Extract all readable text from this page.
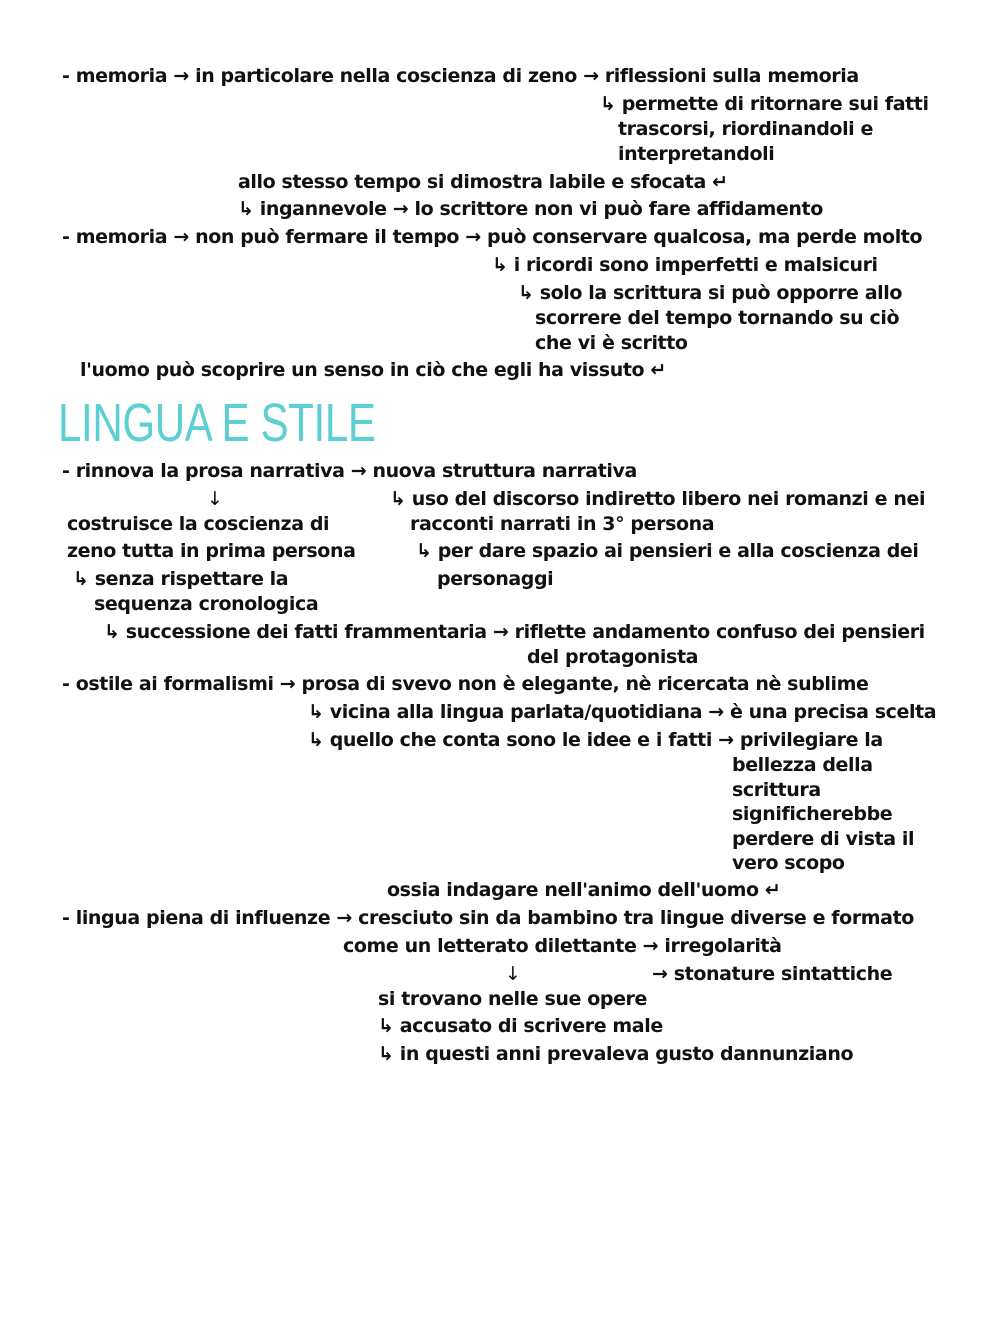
- memoria → in particolare nella coscienza di zeno → riflessioni sulla memoria
↳ permette di ritornare sui fatti
trascorsi, riordinandoli e
interpretandoli
allo stesso tempo si dimostra labile e sfocata ↵
↳ ingannevole → lo scrittore non vi può fare affidamento
- memoria → non può fermare il tempo → può conservare qualcosa, ma perde molto
↳ i ricordi sono imperfetti e malsicuri
↳ solo la scrittura si può opporre allo
scorrere del tempo tornando su ciò
che vi è scritto
l'uomo può scoprire un senso in ciò che egli ha vissuto ↵
LINGUA E STILE
- rinnova la prosa narrativa → nuova struttura narrativa
↓	↳ uso del discorso indiretto libero nei romanzi e nei
costruisce la coscienza di	racconti narrati in 3° persona
zeno tutta in prima persona	↳ per dare spazio ai pensieri e alla coscienza dei
↳ senza rispettare la	personaggi
sequenza cronologica
↳ successione dei fatti frammentaria → riflette andamento confuso dei pensieri
del protagonista
- ostile ai formalismi → prosa di svevo non è elegante, nè ricercata nè sublime
↳ vicina alla lingua parlata/quotidiana → è una precisa scelta
↳ quello che conta sono le idee e i fatti → privilegiare la
bellezza della
scrittura
significherebbe
perdere di vista il
vero scopo
ossia indagare nell'animo dell'uomo ↵
- lingua piena di influenze → cresciuto sin da bambino tra lingue diverse e formato
come un letterato dilettante → irregolarità
↓	→ stonature sintattiche
si trovano nelle sue opere
↳ accusato di scrivere male
↳ in questi anni prevaleva gusto dannunziano
